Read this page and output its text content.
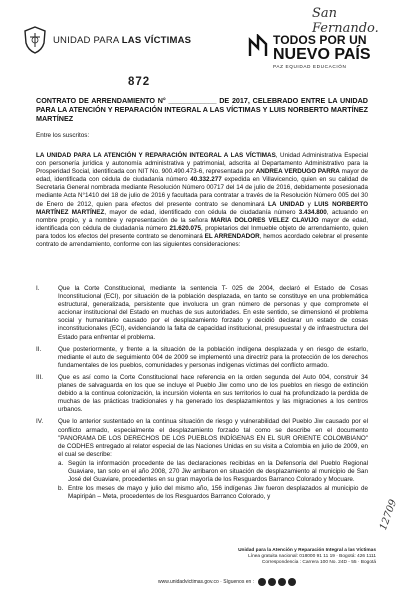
San Fernando.
UNIDAD PARA LAS VÍCTIMAS	TODOS POR UN
NUEVO PAÍS
PAZ EQUIDAD EDUCACIÓN
872
CONTRATO DE ARRENDAMIENTO N° ____________ DE 2017, CELEBRADO ENTRE LA UNIDAD PARA LA ATENCIÓN Y REPARACIÓN INTEGRAL A LAS VÍCTIMAS Y LUIS NORBERTO MARTÍNEZ MARTÍNEZ
Entre los suscritos:
LA UNIDAD PARA LA ATENCIÓN Y REPARACIÓN INTEGRAL A LAS VÍCTIMAS, Unidad Administrativa Especial con personería jurídica y autonomía administrativa y patrimonial, adscrita al Departamento Administrativo para la Prosperidad Social, identificada con NIT No. 900.490.473-6, representada por ANDREA VERDUGO PARRA mayor de edad, identificada con cédula de ciudadanía número 40.332.277 expedida en Villavicencio, quien en su calidad de Secretaria General nombrada mediante Resolución Número 00717 del 14 de julio de 2016, debidamente posesionada mediante Acta N°1410 del 18 de julio de 2016 y facultada para contratar a través de la Resolución Número 005 del 30 de Enero de 2012, quien para efectos del presente contrato se denominará LA UNIDAD y LUIS NORBERTO MARTÍNEZ MARTÍNEZ, mayor de edad, identificado con cédula de ciudadanía número 3.434.800, actuando en nombre propio, y a nombre y representación de la señora MARIA DOLORES VELEZ CLAVIJO mayor de edad, identificada con cédula de ciudadanía número 21.620.075, propietarios del Inmueble objeto de arrendamiento, quien para todos los efectos del presente contrato se denominará EL ARRENDADOR, hemos acordado celebrar el presente contrato de arrendamiento, conforme con las siguientes consideraciones:
I.	Que la Corte Constitucional, mediante la sentencia T- 025 de 2004, declaró el Estado de Cosas Inconstitucional (ECI), por situación de la población desplazada, en tanto se constituye en una problemática estructural, generalizada, persistente que involucra un gran número de personas y que compromete el accionar institucional del Estado en muchas de sus autoridades. En este sentido, se dimensionó el problema social y humanitario causado por el desplazamiento forzado y decidió declarar un estado de cosas inconstitucionales (ECI), evidenciando la falta de capacidad institucional, presupuestal y de infraestructura del Estado para enfrentar el problema.
II.	Que posteriormente, y frente a la situación de la población indígena desplazada y en riesgo de estarlo, mediante el auto de seguimiento 004 de 2009 se implementó una directriz para la protección de los derechos fundamentales de los pueblos, comunidades y personas indígenas víctimas del conflicto armado.
III.	Que es así como la Corte Constitucional hace referencia en la orden segunda del Auto 004, construir 34 planes de salvaguarda en los que se incluye el Pueblo Jiw como uno de los pueblos en riesgo de extinción debido a la continua colonización, la incursión violenta en sus territorios lo cual ha profundizado la perdida de muchas de las prácticas tradicionales y ha generado los desplazamientos y las migraciones a los centros urbanos.
IV.	Que lo anterior sustentado en la continua situación de riesgo y vulnerabilidad del Pueblo Jiw causado por el conflicto armado, especialmente el desplazamiento forzado tal como se describe en el documento "PANORAMA DE LOS DERECHOS DE LOS PUEBLOS INDÍGENAS EN EL SUR ORIENTE COLOMBIANO" de CODHES entregado al relator especial de las Naciones Unidas en su visita a Colombia en julio de 2009, en el cual se describe:
a. Según la información procedente de las declaraciones recibidas en la Defensoría del Pueblo Regional Guaviare, tan solo en el año 2008, 270 Jiw arribaron en situación de desplazamiento al municipio de San José del Guaviare, procedentes en su gran mayoría de los Resguardos Barranco Colorado y Mocuare.
b. Entre los meses de mayo y julio del mismo año, 156 indígenas Jiw fueron desplazados al municipio de Mapiripán – Meta, procedentes de los Resguardos Barranco Colorado, y
Unidad para la Atención y Reparación Integral a las Víctimas
Línea gratuita nacional: 018000 91 11 19 · Bogotá: 426 1111
Correspondencia : Carrera 100 No. 24D - 55 · Bogotá
www.unidadvictimas.gov.co · Síguenos en :
12709
